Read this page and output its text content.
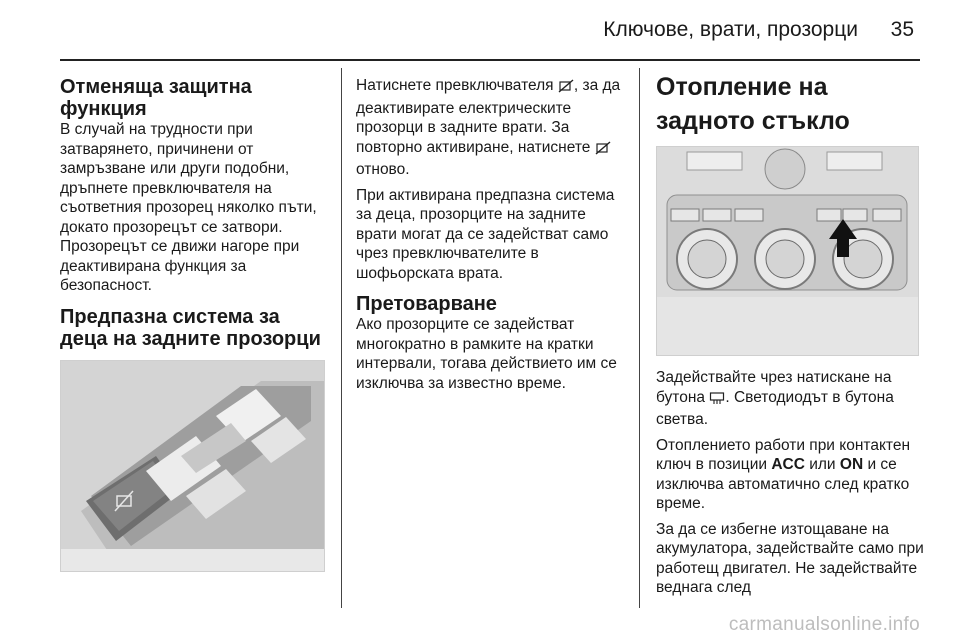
Ключове, врати, прозорци 35
Отменяща защитна функция

В случай на трудности при затварянето, причинени от замръзване или други подобни, дръпнете превключвателя на съответния прозорец няколко пъти, докато прозорецът се затвори. Прозорецът се движи нагоре при деактивирана функция за безопасност.

Предпазна система за деца на задните прозорци

Натиснете превключвателя , за да деактивирате електрическите прозорци в задните врати. За повторно активиране, натиснете  отново.

При активирана предпазна система за деца, прозорците на задните врати могат да се задействат само чрез превключвателите в шофьорската врата.

Претоварване

Ако прозорците се задействат многократно в рамките на кратки интервали, тогава действието им се изключва за известно време.

Отопление на задното стъкло

Задействайте чрез натискане на бутона . Светодиодът в бутона светва.

Отоплението работи при контактен ключ в позиции ACC или ON и се изключва автоматично след кратко време.

За да се избегне изтощаване на акумулатора, задействайте само при работещ двигател. Не задействайте веднага след

carmanualsonline.info
